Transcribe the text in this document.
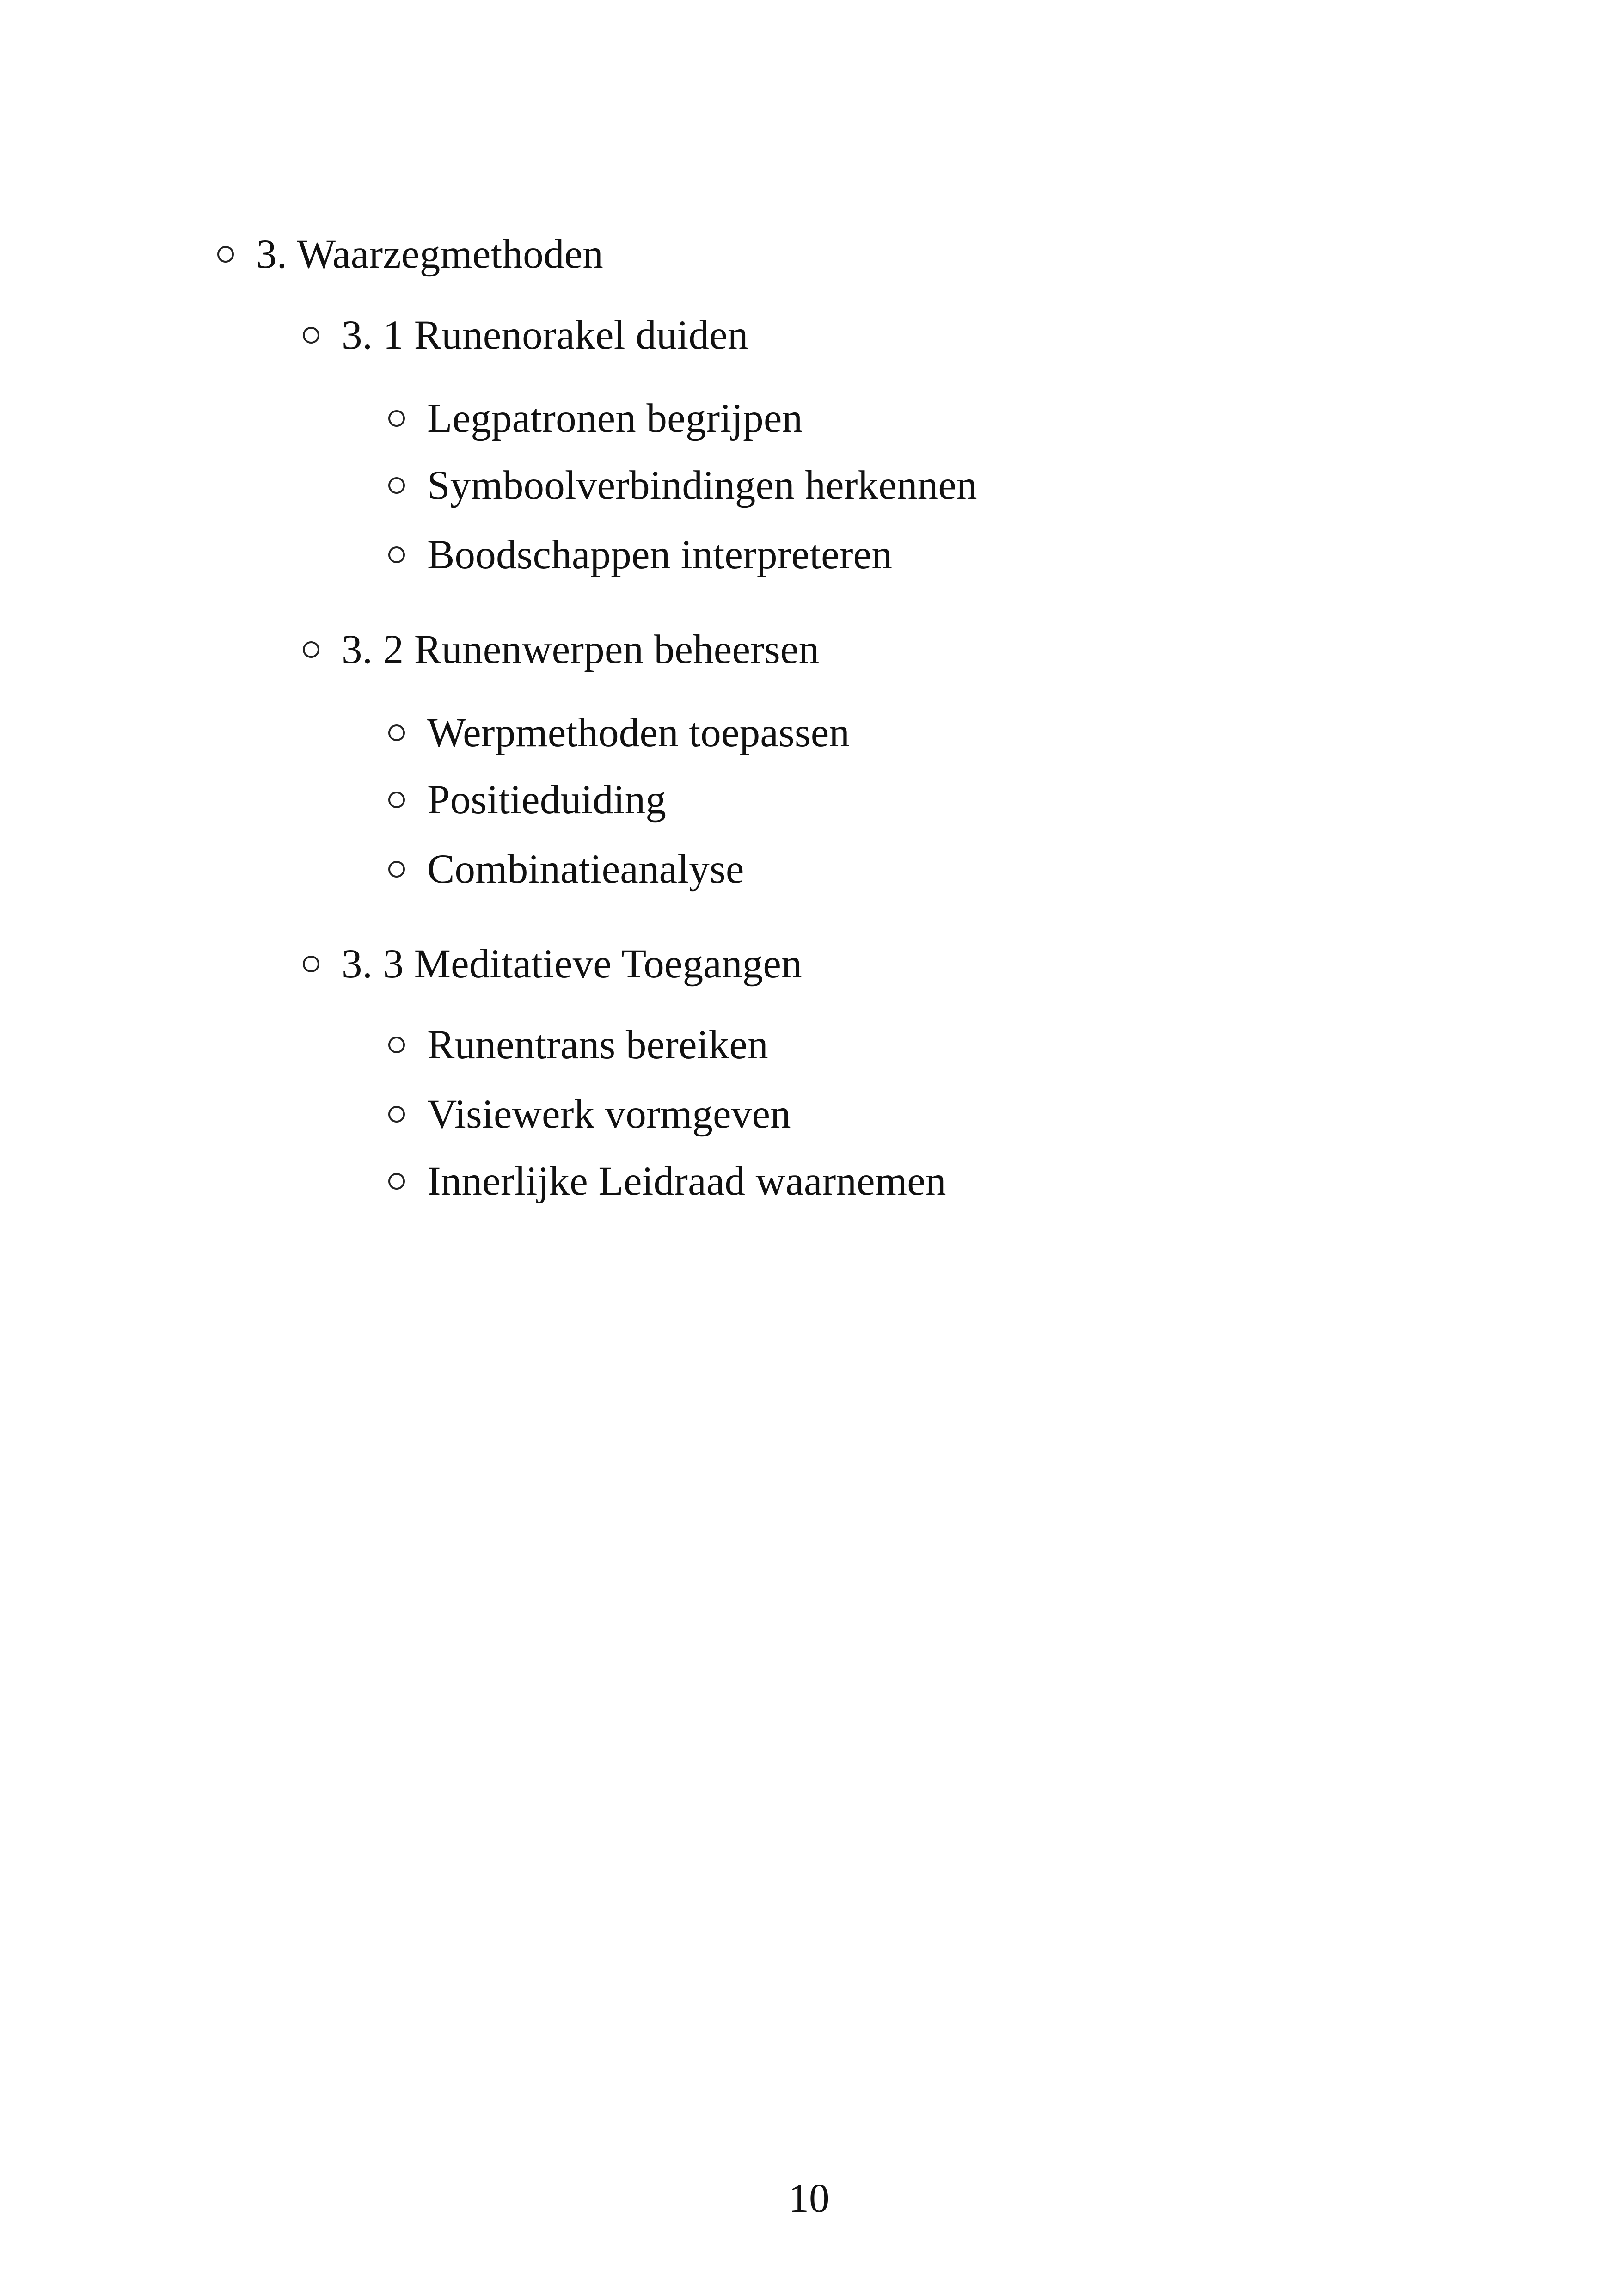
3. Waarzegmethoden
3. 1 Runenorakel duiden
Legpatronen begrijpen
Symboolverbindingen herkennen
Boodschappen interpreteren
3. 2 Runenwerpen beheersen
Werpmethoden toepassen
Positieduiding
Combinatieanalyse
3. 3 Meditatieve Toegangen
Runentrans bereiken
Visiewerk vormgeven
Innerlijke Leidraad waarnemen
10
